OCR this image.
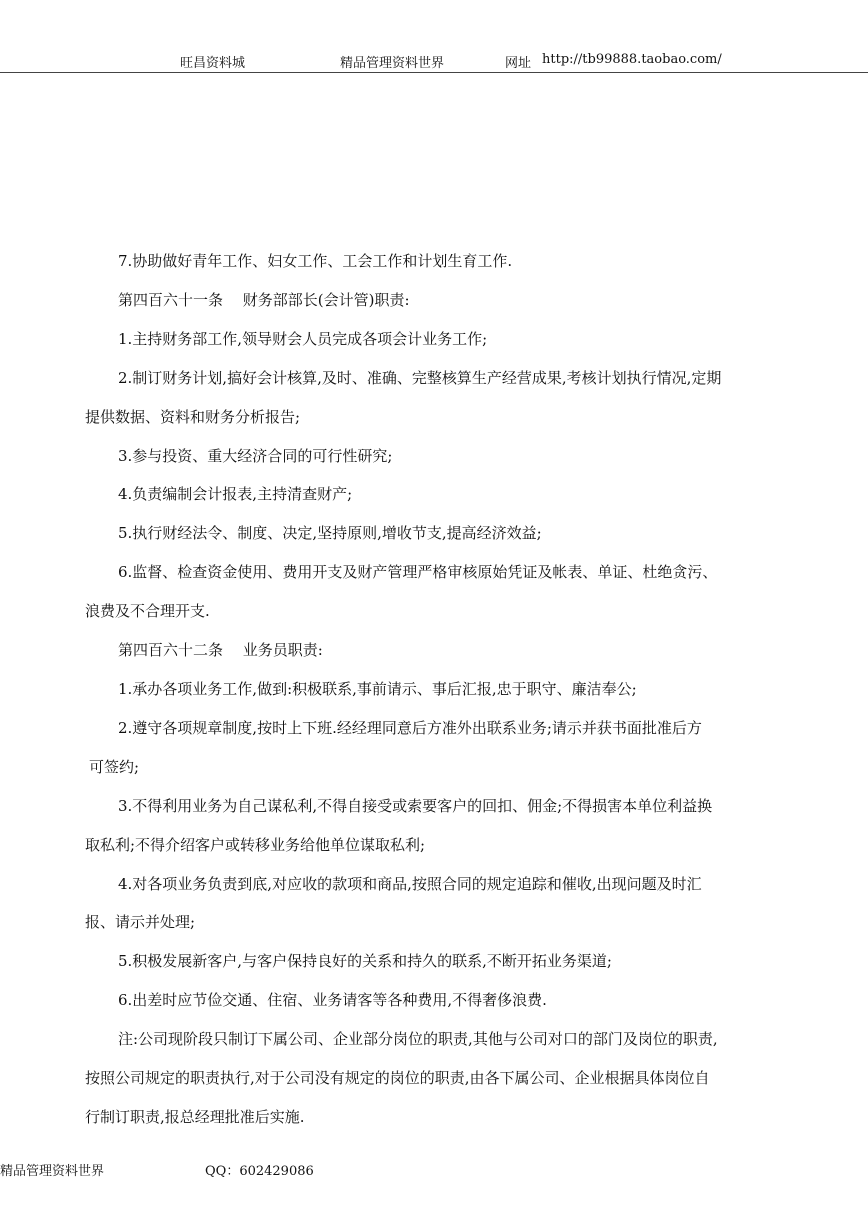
旺昌资料城	精品管理资料世界	网址 http://tb99888.taobao.com/

7.协助做好青年工作、妇女工作、工会工作和计划生育工作.

第四百六十一条　 财务部部长(会计管)职责:

1.主持财务部工作,领导财会人员完成各项会计业务工作;

2.制订财务计划,搞好会计核算,及时、准确、完整核算生产经营成果,考核计划执行情况,定期

提供数据、资料和财务分析报告;

3.参与投资、重大经济合同的可行性研究;

4.负责编制会计报表,主持清查财产;

5.执行财经法令、制度、决定,坚持原则,增收节支,提高经济效益;

6.监督、检查资金使用、费用开支及财产管理严格审核原始凭证及帐表、单证、杜绝贪污、

浪费及不合理开支.

第四百六十二条　 业务员职责:

1.承办各项业务工作,做到:积极联系,事前请示、事后汇报,忠于职守、廉洁奉公;

2.遵守各项规章制度,按时上下班.经经理同意后方准外出联系业务;请示并获书面批准后方

可签约;

3.不得利用业务为自己谋私利,不得自接受或索要客户的回扣、佣金;不得损害本单位利益换

取私利;不得介绍客户或转移业务给他单位谋取私利;

4.对各项业务负责到底,对应收的款项和商品,按照合同的规定追踪和催收,出现问题及时汇

报、请示并处理;

5.积极发展新客户,与客户保持良好的关系和持久的联系,不断开拓业务渠道;

6.出差时应节俭交通、住宿、业务请客等各种费用,不得奢侈浪费.

注:公司现阶段只制订下属公司、企业部分岗位的职责,其他与公司对口的部门及岗位的职责,

按照公司规定的职责执行,对于公司没有规定的岗位的职责,由各下属公司、企业根据具体岗位自

行制订职责,报总经理批准后实施.

精品管理资料世界	QQ：602429086
